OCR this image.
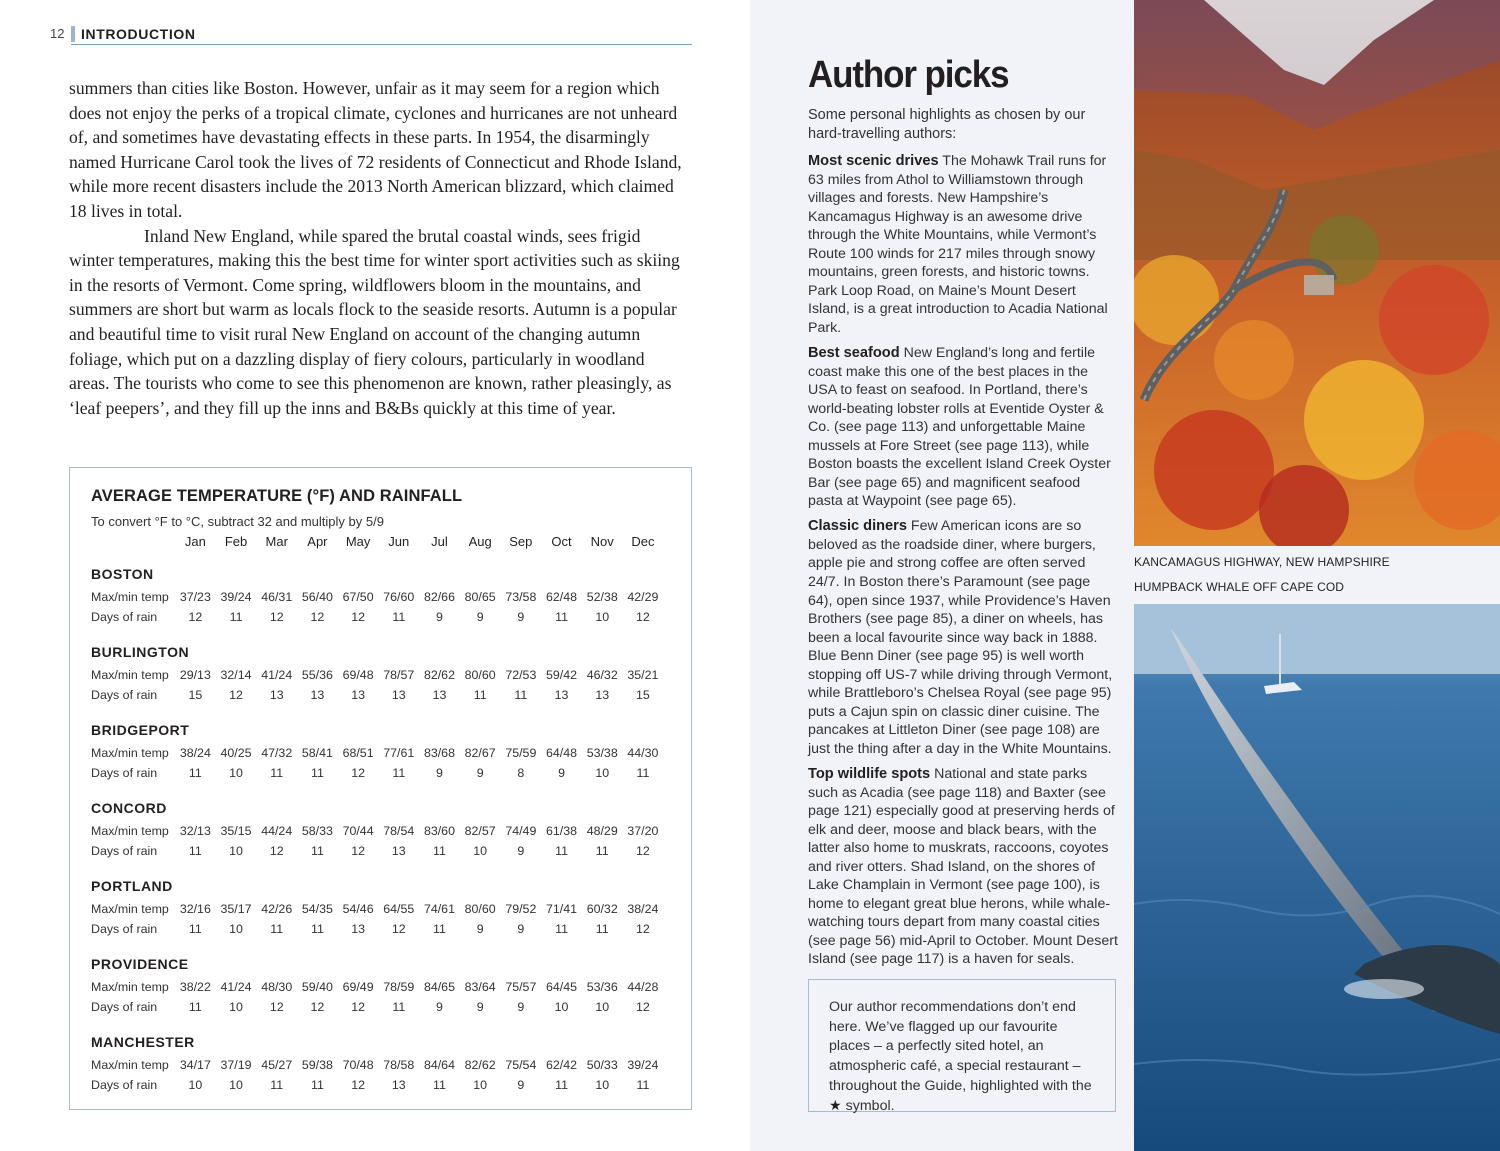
12 INTRODUCTION

summers than cities like Boston. However, unfair as it may seem for a region which does not enjoy the perks of a tropical climate, cyclones and hurricanes are not unheard of, and sometimes have devastating effects in these parts. In 1954, the disarmingly named Hurricane Carol took the lives of 72 residents of Connecticut and Rhode Island, while more recent disasters include the 2013 North American blizzard, which claimed 18 lives in total.

Inland New England, while spared the brutal coastal winds, sees frigid winter temperatures, making this the best time for winter sport activities such as skiing in the resorts of Vermont. Come spring, wildflowers bloom in the mountains, and summers are short but warm as locals flock to the seaside resorts. Autumn is a popular and beautiful time to visit rural New England on account of the changing autumn foliage, which put on a dazzling display of fiery colours, particularly in woodland areas. The tourists who come to see this phenomenon are known, rather pleasingly, as ‘leaf peepers’, and they fill up the inns and B&Bs quickly at this time of year.

AVERAGE TEMPERATURE (°F) AND RAINFALL
To convert °F to °C, subtract 32 and multiply by 5/9
Jan Feb Mar Apr May Jun Jul Aug Sep Oct Nov Dec
BOSTON
Max/min temp 37/23 39/24 46/31 56/40 67/50 76/60 82/66 80/65 73/58 62/48 52/38 42/29
Days of rain	12 11 12 12 12 11 9	9	9 11 10 12
BURLINGTON
Max/min temp 29/13 32/14 41/24 55/36 69/48 78/57 82/62 80/60 72/53 59/42 46/32 35/21
Days of rain	15 12 13 13 13 13 13 11 11 13 13 15
BRIDGEPORT
Max/min temp 38/24 40/25 47/32 58/41 68/51 77/61 83/68 82/67 75/59 64/48 53/38 44/30
Days of rain	11 10 11 11 12 11 9	9	8	9 10 11
CONCORD
Max/min temp 32/13 35/15 44/24 58/33 70/44 78/54 83/60 82/57 74/49 61/38 48/29 37/20
Days of rain	11 10 12 11 12 13 11 10 9 11 11 12
PORTLAND
Max/min temp 32/16 35/17 42/26 54/35 54/46 64/55 74/61 80/60 79/52 71/41 60/32 38/24
Days of rain	11 10 11 11 13 12 11 9	9 11 11 12
PROVIDENCE
Max/min temp 38/22 41/24 48/30 59/40 69/49 78/59 84/65 83/64 75/57 64/45 53/36 44/28
Days of rain	11 10 12 12 12 11 9	9	9 10 10 12
MANCHESTER
Max/min temp 34/17 37/19 45/27 59/38 70/48 78/58 84/64 82/62 75/54 62/42 50/33 39/24
Days of rain	10 10 11 11 12 13 11 10 9 11 10 11
Author picks
Some personal highlights as chosen by our hard-travelling authors:

Most scenic drives The Mohawk Trail runs for 63 miles from Athol to Williamstown through villages and forests. New Hampshire’s Kancamagus Highway is an awesome drive through the White Mountains, while Vermont’s Route 100 winds for 217 miles through snowy mountains, green forests, and historic towns. Park Loop Road, on Maine’s Mount Desert Island, is a great introduction to Acadia National Park.

Best seafood New England’s long and fertile coast make this one of the best places in the USA to feast on seafood. In Portland, there’s world-beating lobster rolls at Eventide Oyster & Co. (see page 113) and unforgettable Maine mussels at Fore Street (see page 113), while Boston boasts the excellent Island Creek Oyster Bar (see page 65) and magnificent seafood pasta at Waypoint (see page 65).

Classic diners Few American icons are so beloved as the roadside diner, where burgers, apple pie and strong coffee are often served 24/7. In Boston there’s Paramount (see page 64), open since 1937, while Providence’s Haven Brothers (see page 85), a diner on wheels, has been a local favourite since way back in 1888. Blue Benn Diner (see page 95) is well worth stopping off US-7 while driving through Vermont, while Brattleboro’s Chelsea Royal (see page 95) puts a Cajun spin on classic diner cuisine. The pancakes at Littleton Diner (see page 108) are just the thing after a day in the White Mountains.

Top wildlife spots National and state parks such as Acadia (see page 118) and Baxter (see page 121) especially good at preserving herds of elk and deer, moose and black bears, with the latter also home to muskrats, raccoons, coyotes and river otters. Shad Island, on the shores of Lake Champlain in Vermont (see page 100), is home to elegant great blue herons, while whale-watching tours depart from many coastal cities (see page 56) mid-April to October. Mount Desert Island (see page 117) is a haven for seals.

Our author recommendations don’t end here. We’ve flagged up our favourite places – a perfectly sited hotel, an atmospheric café, a special restaurant – throughout the Guide, highlighted with the ★ symbol.
KANCAMAGUS HIGHWAY, NEW HAMPSHIRE
HUMPBACK WHALE OFF CAPE COD
